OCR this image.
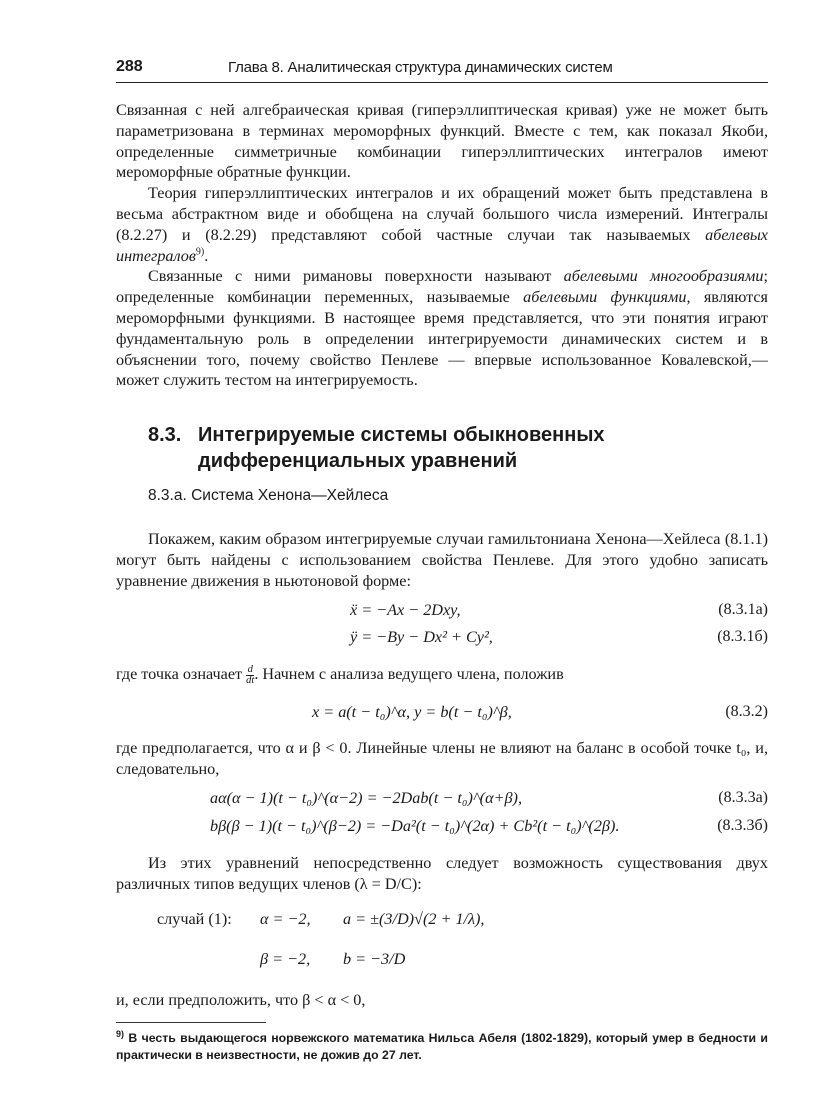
288	Глава 8. Аналитическая структура динамических систем

Связанная с ней алгебраическая кривая (гиперэллиптическая кривая) уже не может быть параметризована в терминах мероморфных функций. Вместе с тем, как показал Якоби, определенные симметричные комбинации гиперэллиптических интегралов имеют мероморфные обратные функции.

Теория гиперэллиптических интегралов и их обращений может быть представлена в весьма абстрактном виде и обобщена на случай большого числа измерений. Интегралы (8.2.27) и (8.2.29) представляют собой частные случаи так называемых абелевых интегралов$^{9)}$.

Связанные с ними римановы поверхности называют абелевыми многообразиями; определенные комбинации переменных, называемые абелевыми функциями, являются мероморфными функциями. В настоящее время представляется, что эти понятия играют фундаментальную роль в определении интегрируемости динамических систем и в объяснении того, почему свойство Пенлеве — впервые использованное Ковалевской,— может служить тестом на интегрируемость.

8.3. Интегрируемые системы обыкновенных
дифференциальных уравнений
8.3.a. Система Хенона—Хейлеса

Покажем, каким образом интегрируемые случаи гамильтониана Хенона—Хейлеса (8.1.1) могут быть найдены с использованием свойства Пенлеве. Для этого удобно записать уравнение движения в ньютоновой форме:

ẍ = −Ax − 2Dxy,	(8.3.1a)
ÿ = −By − Dx² + Cy²,	(8.3.1б)

где точка означает $\frac{d}{dt}$ . Начнем с анализа ведущего члена, положив

x = a(t − t₀)^α, y = b(t − t₀)^β,	(8.3.2)

где предполагается, что α и β < 0. Линейные члены не влияют на баланс в особой точке t₀, и, следовательно,

aα(α − 1)(t − t₀)^(α−2) = −2Dab(t − t₀)^(α+β),	(8.3.3a)
bβ(β − 1)(t − t₀)^(β−2) = −Da²(t − t₀)^(2α) + Cb²(t − t₀)^(2β).	(8.3.3б)

Из этих уравнений непосредственно следует возможность существования двух различных типов ведущих членов (λ = D/C):

случай (1): α = −2, a = ±(3/D)√(2 + 1/λ),
β = −2, b = −3/D

и, если предположить, что β < α < 0,

$^{9)}$ В честь выдающегося норвежского математика Нильса Абеля (1802-1829), который умер в бедности и практически в неизвестности, не дожив до 27 лет.
